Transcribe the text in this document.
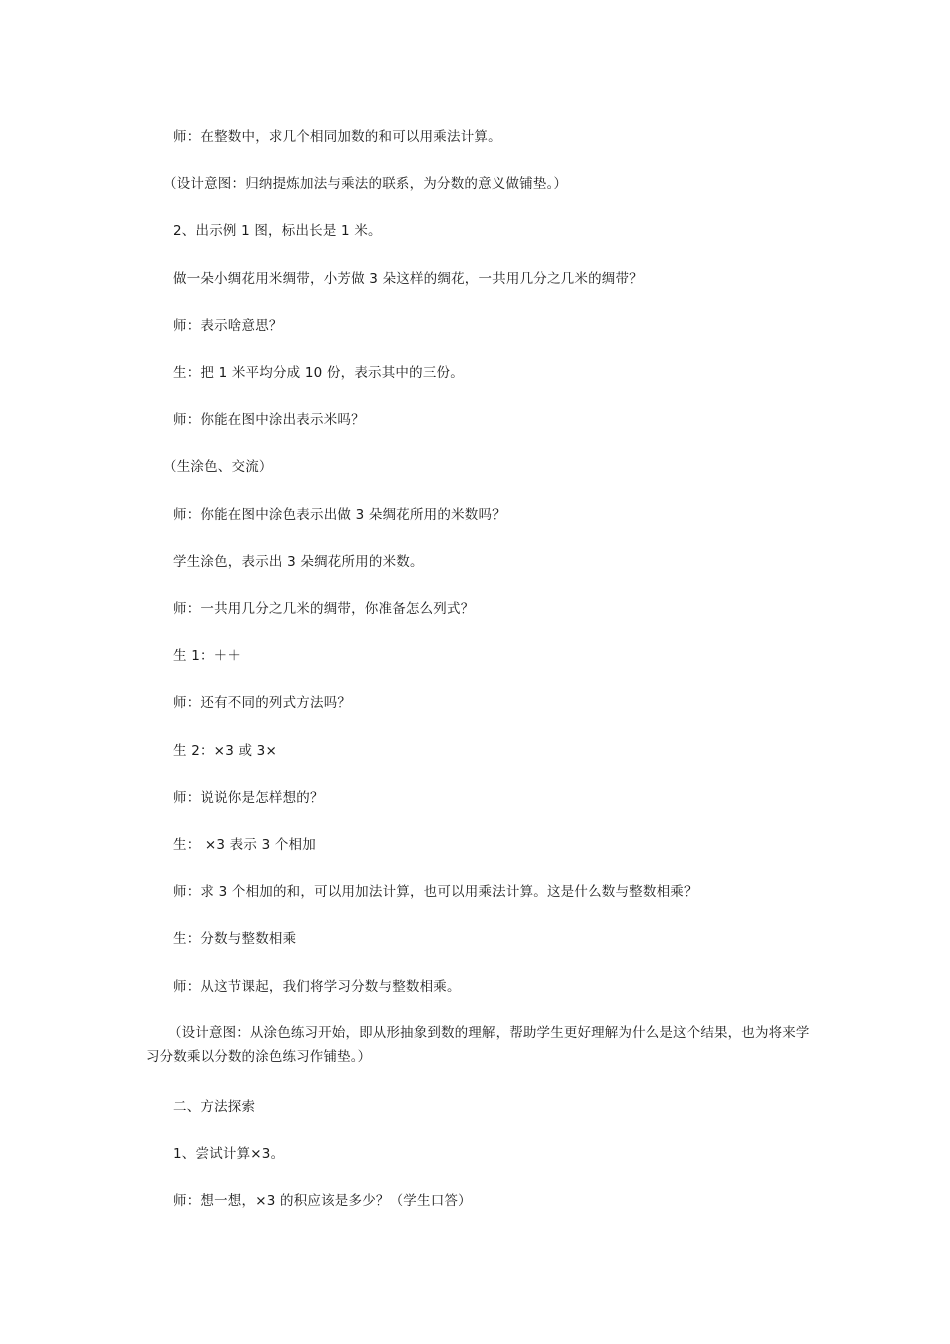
师：在整数中，求几个相同加数的和可以用乘法计算。
（设计意图：归纳提炼加法与乘法的联系，为分数的意义做铺垫。）
2、出示例 1 图，标出长是 1 米。
做一朵小绸花用米绸带，小芳做 3 朵这样的绸花，一共用几分之几米的绸带？
师：表示啥意思？
生：把 1 米平均分成 10 份，表示其中的三份。
师：你能在图中涂出表示米吗？
（生涂色、交流）
师：你能在图中涂色表示出做 3 朵绸花所用的米数吗？
学生涂色，表示出 3 朵绸花所用的米数。
师：一共用几分之几米的绸带，你准备怎么列式？
生 1：＋＋
师：还有不同的列式方法吗？
生 2：×3 或 3×
师：说说你是怎样想的？
生： ×3 表示 3 个相加
师：求 3 个相加的和，可以用加法计算，也可以用乘法计算。这是什么数与整数相乘？
生：分数与整数相乘
师：从这节课起，我们将学习分数与整数相乘。
（设计意图：从涂色练习开始，即从形抽象到数的理解，帮助学生更好理解为什么是这个结果，也为将来学习分数乘以分数的涂色练习作铺垫。）
二、方法探索
1、尝试计算×3。
师：想一想，×3 的积应该是多少？（学生口答）
